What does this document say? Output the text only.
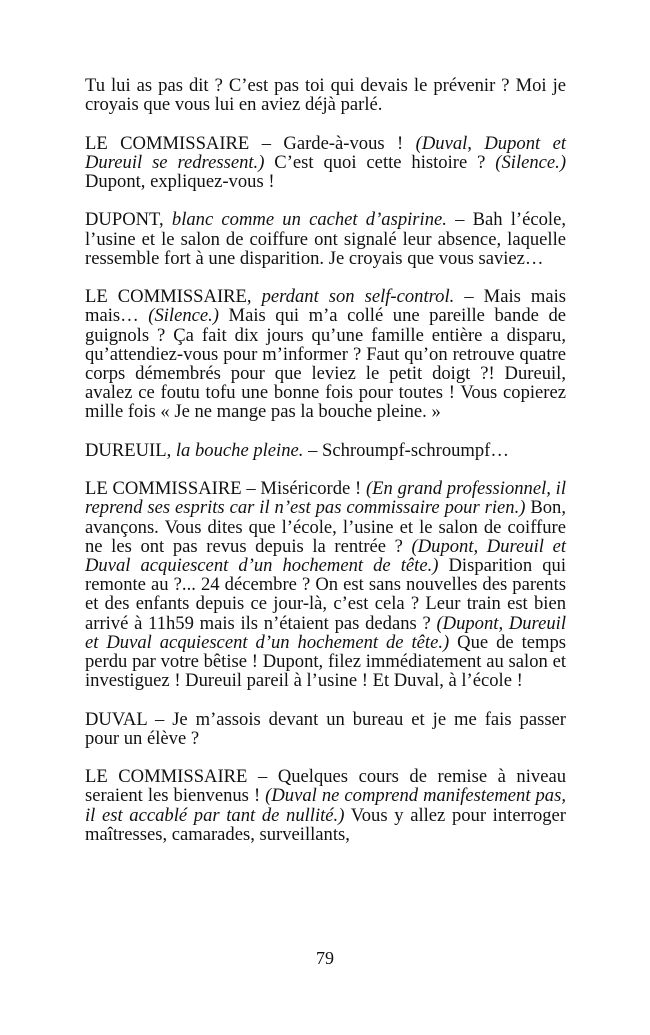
Tu lui as pas dit ? C’est pas toi qui devais le prévenir ? Moi je croyais que vous lui en aviez déjà parlé.

LE COMMISSAIRE – Garde-à-vous ! (Duval, Dupont et Dureuil se redressent.) C’est quoi cette histoire ? (Silence.) Dupont, expliquez-vous !

DUPONT, blanc comme un cachet d’aspirine. – Bah l’école, l’usine et le salon de coiffure ont signalé leur absence, laquelle ressemble fort à une disparition. Je croyais que vous saviez…

LE COMMISSAIRE, perdant son self-control. – Mais mais mais… (Silence.) Mais qui m’a collé une pareille bande de guignols ? Ça fait dix jours qu’une famille entière a disparu, qu’attendiez-vous pour m’informer ? Faut qu’on retrouve quatre corps démembrés pour que leviez le petit doigt ?! Dureuil, avalez ce foutu tofu une bonne fois pour toutes ! Vous copierez mille fois « Je ne mange pas la bouche pleine. »

DUREUIL, la bouche pleine. – Schroumpf-schroumpf…

LE COMMISSAIRE – Miséricorde ! (En grand professionnel, il reprend ses esprits car il n’est pas commissaire pour rien.) Bon, avançons. Vous dites que l’école, l’usine et le salon de coiffure ne les ont pas revus depuis la rentrée ? (Dupont, Dureuil et Duval acquiescent d’un hochement de tête.) Disparition qui remonte au ?... 24 décembre ? On est sans nouvelles des parents et des enfants depuis ce jour-là, c’est cela ? Leur train est bien arrivé à 11h59 mais ils n’étaient pas dedans ? (Dupont, Dureuil et Duval acquiescent d’un hochement de tête.) Que de temps perdu par votre bêtise ! Dupont, filez immédiatement au salon et investiguez ! Dureuil pareil à l’usine ! Et Duval, à l’école !

DUVAL – Je m’assois devant un bureau et je me fais passer pour un élève ?

LE COMMISSAIRE – Quelques cours de remise à niveau seraient les bienvenus ! (Duval ne comprend manifestement pas, il est accablé par tant de nullité.) Vous y allez pour interroger maîtresses, camarades, surveillants,

79
